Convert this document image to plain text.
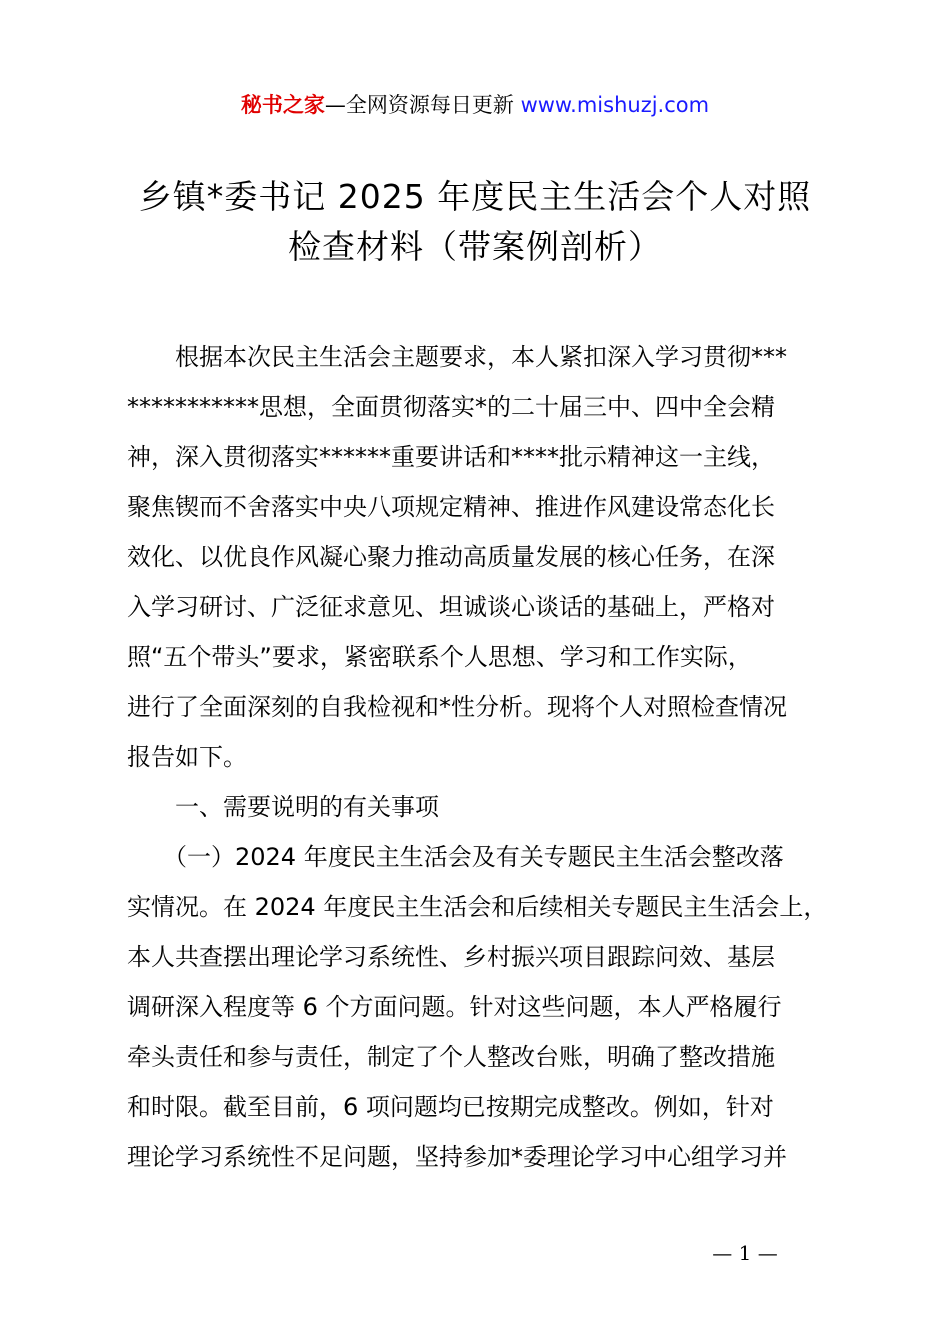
秘书之家—全网资源每日更新 www.mishuzj.com
乡镇*委书记 2025 年度民主生活会个人对照
检查材料（带案例剖析）
　　根据本次民主生活会主题要求，本人紧扣深入学习贯彻***
***********思想，全面贯彻落实*的二十届三中、四中全会精
神，深入贯彻落实******重要讲话和****批示精神这一主线，
聚焦锲而不舍落实中央八项规定精神、推进作风建设常态化长
效化、以优良作风凝心聚力推动高质量发展的核心任务，在深
入学习研讨、广泛征求意见、坦诚谈心谈话的基础上，严格对
照“五个带头”要求，紧密联系个人思想、学习和工作实际，
进行了全面深刻的自我检视和*性分析。现将个人对照检查情况
报告如下。
　　一、需要说明的有关事项
　　（一）2024 年度民主生活会及有关专题民主生活会整改落
实情况。在 2024 年度民主生活会和后续相关专题民主生活会上，
本人共查摆出理论学习系统性、乡村振兴项目跟踪问效、基层
调研深入程度等 6 个方面问题。针对这些问题，本人严格履行
牵头责任和参与责任，制定了个人整改台账，明确了整改措施
和时限。截至目前，6 项问题均已按期完成整改。例如，针对
理论学习系统性不足问题，坚持参加*委理论学习中心组学习并
— 1 —
